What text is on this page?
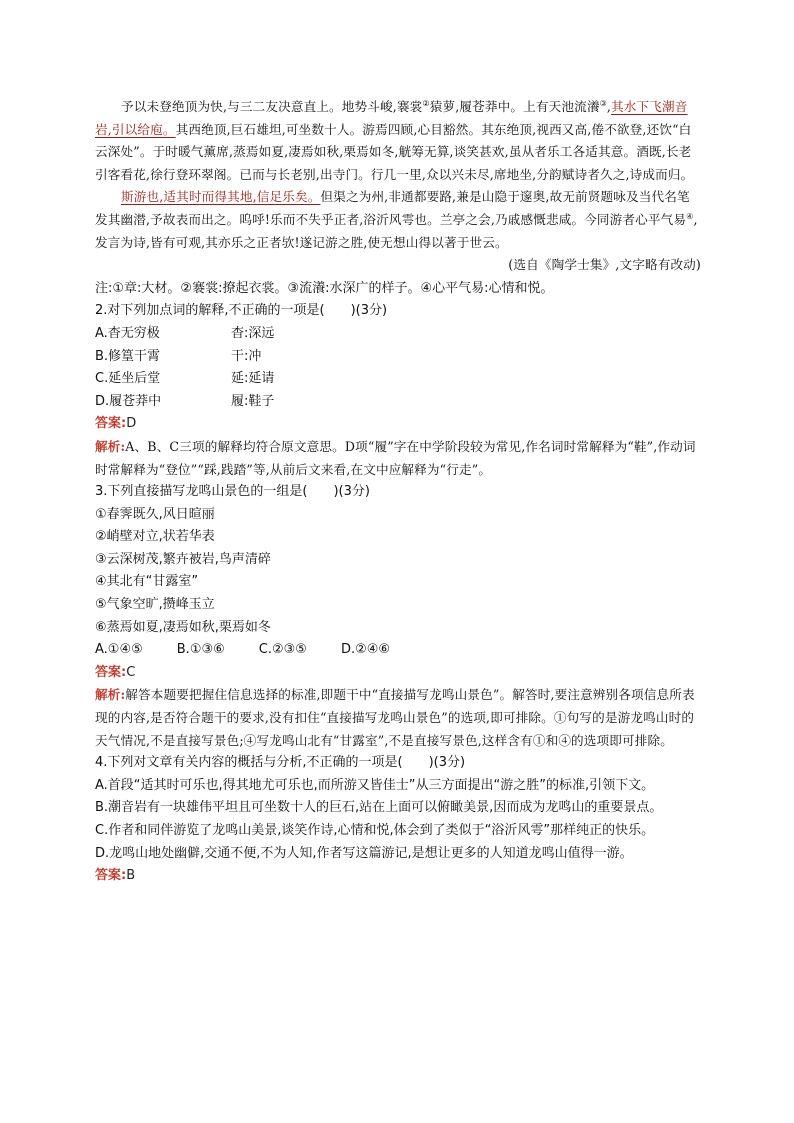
予以未登绝顶为快,与三二友决意直上。地势斗峻,褰裳②猿萝,履苍莽中。上有天池流瀁③,其水下飞潮音岩,引以给庖。其西绝顶,巨石雄坦,可坐数十人。游焉四顾,心目豁然。其东绝顶,视西又高,倦不欲登,还饮“白云深处”。于时暖气薰席,蒸焉如夏,凄焉如秋,栗焉如冬,觥筹无算,谈笑甚欢,虽从者乐工各适其意。酒既,长老引客看花,徐行登环翠阁。已而与长老别,出寺门。行几一里,众以兴未尽,席地坐,分韵赋诗者久之,诗成而归。

斯游也,适其时而得其地,信足乐矣。但渠之为州,非通都要路,兼是山隐于邃奥,故无前贤题咏及当代名笔发其幽潜,予故表而出之。呜呼!乐而不失乎正者,浴沂风雩也。兰亭之会,乃戚感慨悲咸。今同游者心平气易④,发言为诗,皆有可观,其亦乐之正者欤!遂记游之胜,使无想山得以著于世云。

(选自《陶学士集》,文字略有改动)

注:①章:大材。②褰裳:撩起衣裳。③流瀁:水深广的样子。④心平气易:心情和悦。

2.对下列加点词的解释,不正确的一项是(　　)(3分)

A.杳无穷极	杳:深远
B.修篁干霄	干:冲
C.延坐后堂	延:延请
D.履苍莽中	履:鞋子

答案:D

解析:A、B、C三项的解释均符合原文意思。D项“履”字在中学阶段较为常见,作名词时常解释为“鞋”,作动词时常解释为“登位”“踩,践踏”等,从前后文来看,在文中应解释为“行走”。

3.下列直接描写龙鸣山景色的一组是(　　)(3分)

①春霁既久,风日暄丽

②峭壁对立,状若华表

③云深树茂,繁卉被岩,鸟声清碎

④其北有“甘露室”

⑤气象空旷,攒峰玉立

⑥蒸焉如夏,凄焉如秋,栗焉如冬

A.①④⑤	B.①③⑥	C.②③⑤	D.②④⑥

答案:C

解析:解答本题要把握住信息选择的标准,即题干中“直接描写龙鸣山景色”。解答时,要注意辨别各项信息所表现的内容,是否符合题干的要求,没有扣住“直接描写龙鸣山景色”的选项,即可排除。①句写的是游龙鸣山时的天气情况,不是直接写景色;④写龙鸣山北有“甘露室”,不是直接写景色,这样含有①和④的选项即可排除。

4.下列对文章有关内容的概括与分析,不正确的一项是(　　)(3分)

A.首段“适其时可乐也,得其地尤可乐也,而所游又皆佳士”从三方面提出“游之胜”的标准,引领下文。

B.潮音岩有一块雄伟平坦且可坐数十人的巨石,站在上面可以俯瞰美景,因而成为龙鸣山的重要景点。

C.作者和同伴游览了龙鸣山美景,谈笑作诗,心情和悦,体会到了类似于“浴沂风雩”那样纯正的快乐。

D.龙鸣山地处幽僻,交通不便,不为人知,作者写这篇游记,是想让更多的人知道龙鸣山值得一游。

答案:B
